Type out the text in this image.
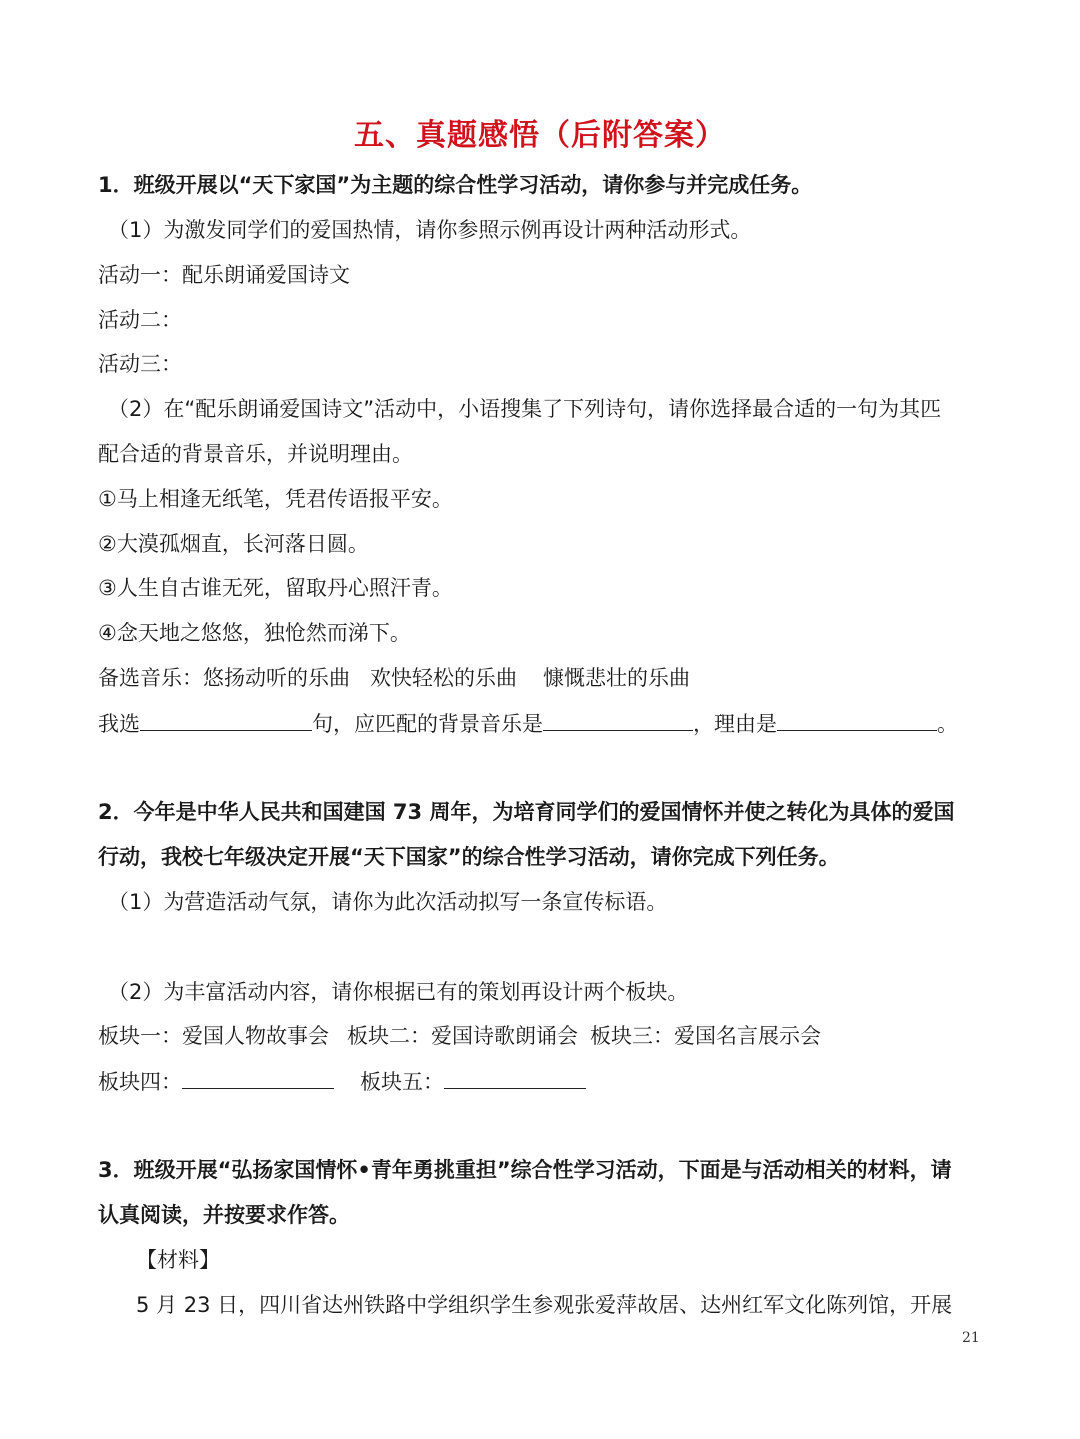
五、真题感悟（后附答案）
1．班级开展以“天下家国”为主题的综合性学习活动，请你参与并完成任务。
（1）为激发同学们的爱国热情，请你参照示例再设计两种活动形式。
活动一：配乐朗诵爱国诗文
活动二：
活动三：
（2）在“配乐朗诵爱国诗文”活动中，小语搜集了下列诗句，请你选择最合适的一句为其匹
配合适的背景音乐，并说明理由。
①马上相逢无纸笔，凭君传语报平安。
②大漠孤烟直，长河落日圆。
③人生自古谁无死，留取丹心照汗青。
④念天地之悠悠，独怆然而涕下。
备选音乐：悠扬动听的乐曲 欢快轻松的乐曲 慷慨悲壮的乐曲
我选	句，应匹配的背景音乐是	，理由是	。
2．今年是中华人民共和国建国 73 周年，为培育同学们的爱国情怀并使之转化为具体的爱国
行动，我校七年级决定开展“天下国家”的综合性学习活动，请你完成下列任务。
（1）为营造活动气氛，请你为此次活动拟写一条宣传标语。
（2）为丰富活动内容，请你根据已有的策划再设计两个板块。
板块一：爱国人物故事会 板块二：爱国诗歌朗诵会 板块三：爱国名言展示会
板块四：	板块五：
3．班级开展“弘扬家国情怀•青年勇挑重担”综合性学习活动，下面是与活动相关的材料，请
认真阅读，并按要求作答。
【材料】
5 月 23 日，四川省达州铁路中学组织学生参观张爱萍故居、达州红军文化陈列馆，开展
21
